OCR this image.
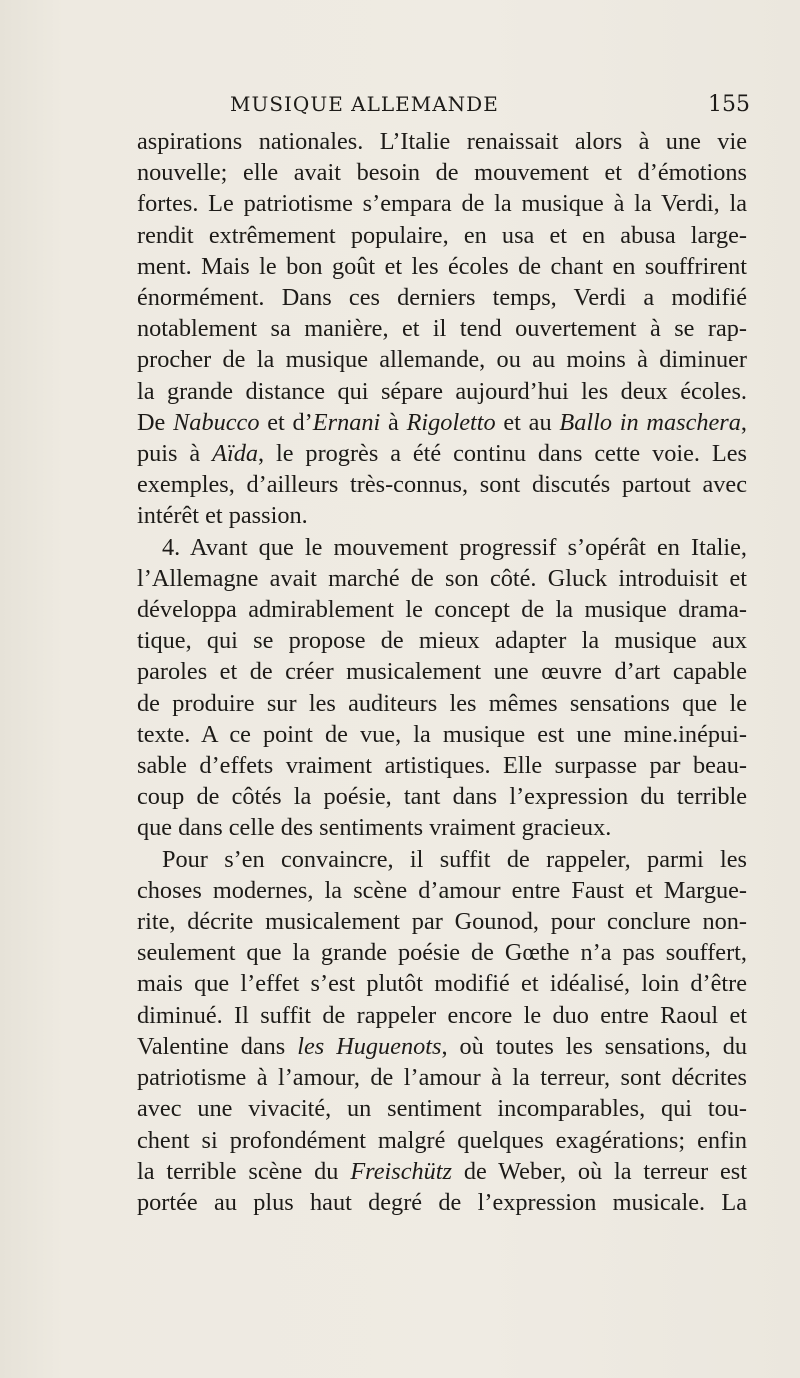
MUSIQUE ALLEMANDE	155
aspirations nationales. L’Italie renaissait alors à une vie
nouvelle; elle avait besoin de mouvement et d’émotions
fortes. Le patriotisme s’empara de la musique à la Verdi, la
rendit extrêmement populaire, en usa et en abusa large-
ment. Mais le bon goût et les écoles de chant en souffrirent
énormément. Dans ces derniers temps, Verdi a modifié
notablement sa manière, et il tend ouvertement à se rap-
procher de la musique allemande, ou au moins à diminuer
la grande distance qui sépare aujourd’hui les deux écoles.
De Nabucco et d’Ernani à Rigoletto et au Ballo in maschera,
puis à Aïda, le progrès a été continu dans cette voie. Les
exemples, d’ailleurs très-connus, sont discutés partout avec
intérêt et passion.
4. Avant que le mouvement progressif s’opérât en Italie,
l’Allemagne avait marché de son côté. Gluck introduisit et
développa admirablement le concept de la musique drama-
tique, qui se propose de mieux adapter la musique aux
paroles et de créer musicalement une œuvre d’art capable
de produire sur les auditeurs les mêmes sensations que le
texte. A ce point de vue, la musique est une mine.inépui-
sable d’effets vraiment artistiques. Elle surpasse par beau-
coup de côtés la poésie, tant dans l’expression du terrible
que dans celle des sentiments vraiment gracieux.
Pour s’en convaincre, il suffit de rappeler, parmi les
choses modernes, la scène d’amour entre Faust et Margue-
rite, décrite musicalement par Gounod, pour conclure non-
seulement que la grande poésie de Gœthe n’a pas souffert,
mais que l’effet s’est plutôt modifié et idéalisé, loin d’être
diminué. Il suffit de rappeler encore le duo entre Raoul et
Valentine dans les Huguenots, où toutes les sensations, du
patriotisme à l’amour, de l’amour à la terreur, sont décrites
avec une vivacité, un sentiment incomparables, qui tou-
chent si profondément malgré quelques exagérations; enfin
la terrible scène du Freischütz de Weber, où la terreur est
portée au plus haut degré de l’expression musicale. La
